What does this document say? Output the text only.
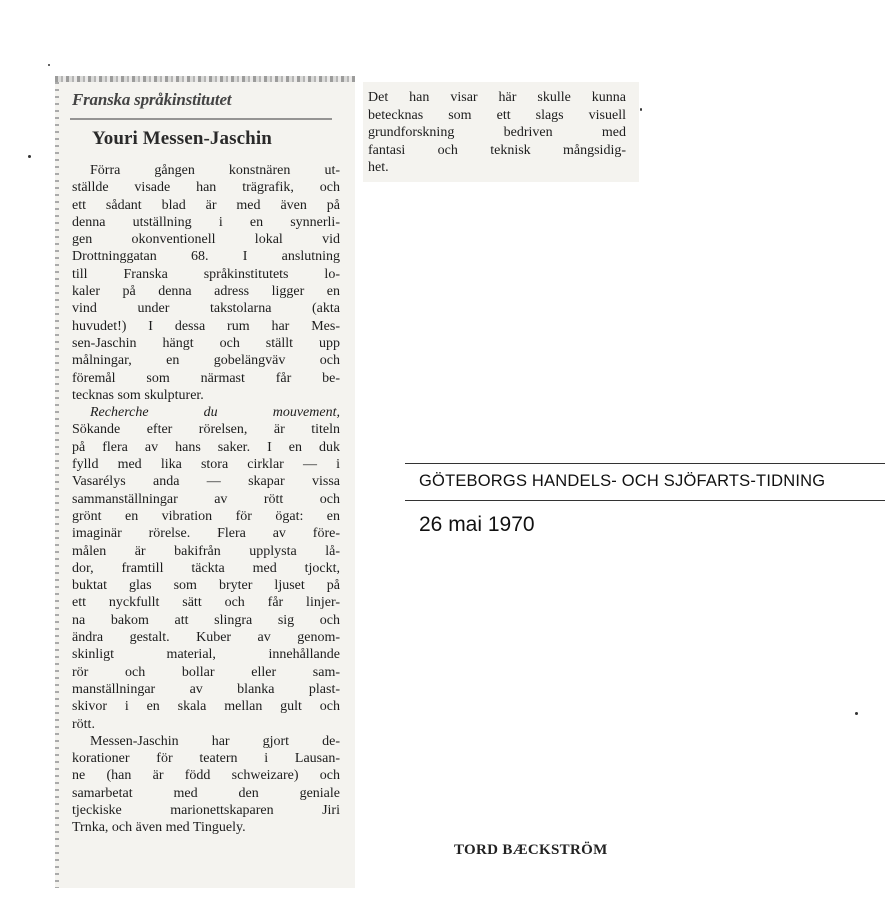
Franska språkinstitutet
Youri Messen-Jaschin
Förra gången konstnären ut-
ställde visade han trägrafik, och
ett sådant blad är med även på
denna utställning i en synnerli-
gen okonventionell lokal vid
Drottninggatan 68. I anslutning
till Franska språkinstitutets lo-
kaler på denna adress ligger en
vind under takstolarna (akta
huvudet!) I dessa rum har Mes-
sen-Jaschin hängt och ställt upp
målningar, en gobelängväv och
föremål som närmast får be-
tecknas som skulpturer.
Recherche du mouvement,
Sökande efter rörelsen, är titeln
på flera av hans saker. I en duk
fylld med lika stora cirklar — i
Vasarélys anda — skapar vissa
sammanställningar av rött och
grönt en vibration för ögat: en
imaginär rörelse. Flera av före-
målen är bakifrån upplysta lå-
dor, framtill täckta med tjockt,
buktat glas som bryter ljuset på
ett nyckfullt sätt och får linjer-
na bakom att slingra sig och
ändra gestalt. Kuber av genom-
skinligt material, innehållande
rör och bollar eller sam-
manställningar av blanka plast-
skivor i en skala mellan gult och
rött.
Messen-Jaschin har gjort de-
korationer för teatern i Lausan-
ne (han är född schweizare) och
samarbetat med den geniale
tjeckiske marionettskaparen Jiri
Trnka, och även med Tinguely.
Det han visar här skulle kunna
betecknas som ett slags visuell
grundforskning bedriven med
fantasi och teknisk mångsidig-
het.
TORD BÆCKSTRÖM
GÖTEBORGS HANDELS- OCH SJÖFARTS-TIDNING
26 mai 1970
